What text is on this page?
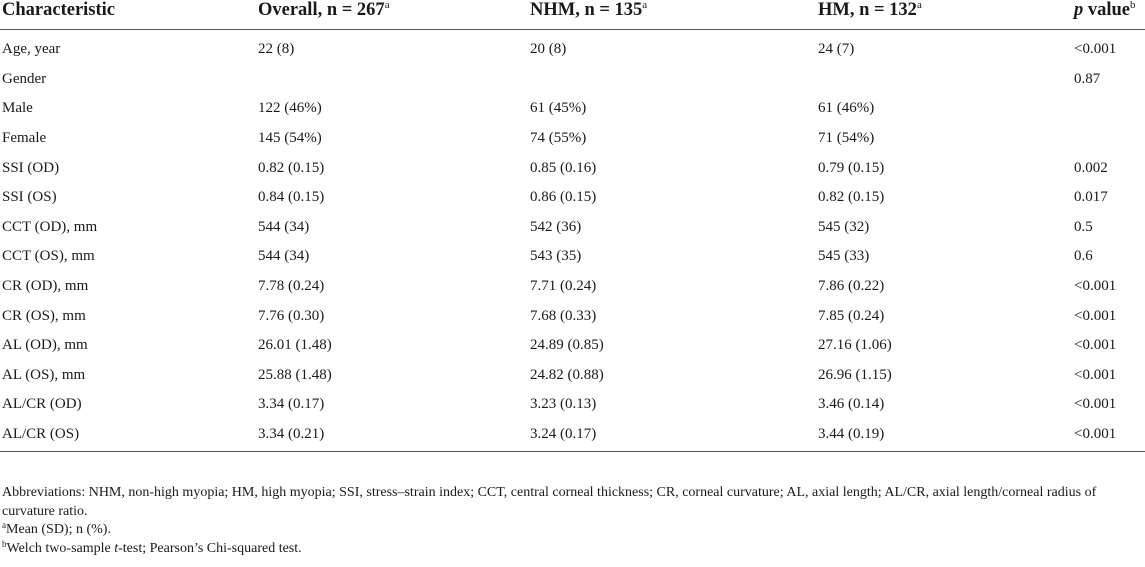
Characteristic	Overall, $n = 267^a$	NHM, $n = 135^a$	HM, $n = 132^a$	p value$^b$
Age, year	22 (8)	20 (8)	24 (7)	<0.001
Gender				0.87
Male	122 (46%)	61 (45%)	61 (46%)	
Female	145 (54%)	74 (55%)	71 (54%)	
SSI (OD)	0.82 (0.15)	0.85 (0.16)	0.79 (0.15)	0.002
SSI (OS)	0.84 (0.15)	0.86 (0.15)	0.82 (0.15)	0.017
CCT (OD), mm	544 (34)	542 (36)	545 (32)	0.5
CCT (OS), mm	544 (34)	543 (35)	545 (33)	0.6
CR (OD), mm	7.78 (0.24)	7.71 (0.24)	7.86 (0.22)	<0.001
CR (OS), mm	7.76 (0.30)	7.68 (0.33)	7.85 (0.24)	<0.001
AL (OD), mm	26.01 (1.48)	24.89 (0.85)	27.16 (1.06)	<0.001
AL (OS), mm	25.88 (1.48)	24.82 (0.88)	26.96 (1.15)	<0.001
AL/CR (OD)	3.34 (0.17)	3.23 (0.13)	3.46 (0.14)	<0.001
AL/CR (OS)	3.34 (0.21)	3.24 (0.17)	3.44 (0.19)	<0.001

Abbreviations: NHM, non-high myopia; HM, high myopia; SSI, stress–strain index; CCT, central corneal thickness; CR, corneal curvature; AL, axial length; AL/CR, axial length/corneal radius of curvature ratio.

$^a$Mean (SD); n (%).

$^b$Welch two-sample t-test; Pearson’s Chi-squared test.
